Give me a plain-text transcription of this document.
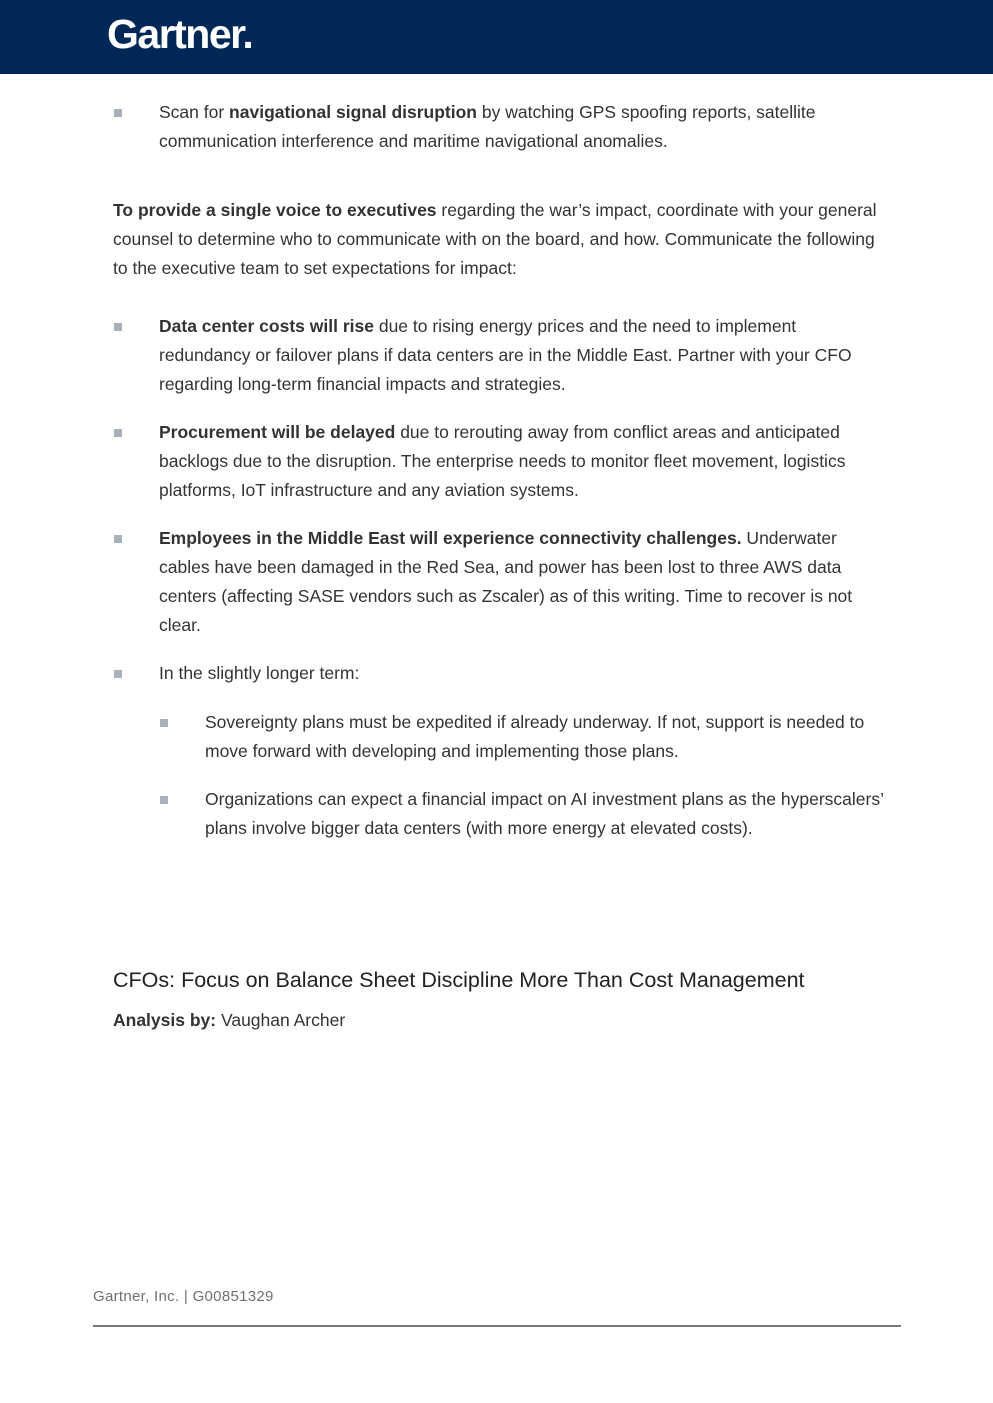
Gartner.
Scan for navigational signal disruption by watching GPS spoofing reports, satellite communication interference and maritime navigational anomalies.
To provide a single voice to executives regarding the war’s impact, coordinate with your general counsel to determine who to communicate with on the board, and how. Communicate the following to the executive team to set expectations for impact:
Data center costs will rise due to rising energy prices and the need to implement redundancy or failover plans if data centers are in the Middle East. Partner with your CFO regarding long-term financial impacts and strategies.
Procurement will be delayed due to rerouting away from conflict areas and anticipated backlogs due to the disruption. The enterprise needs to monitor fleet movement, logistics platforms, IoT infrastructure and any aviation systems.
Employees in the Middle East will experience connectivity challenges. Underwater cables have been damaged in the Red Sea, and power has been lost to three AWS data centers (affecting SASE vendors such as Zscaler) as of this writing. Time to recover is not clear.
In the slightly longer term:
Sovereignty plans must be expedited if already underway. If not, support is needed to move forward with developing and implementing those plans.
Organizations can expect a financial impact on AI investment plans as the hyperscalers’ plans involve bigger data centers (with more energy at elevated costs).
CFOs: Focus on Balance Sheet Discipline More Than Cost Management
Analysis by: Vaughan Archer
Gartner, Inc. | G00851329
